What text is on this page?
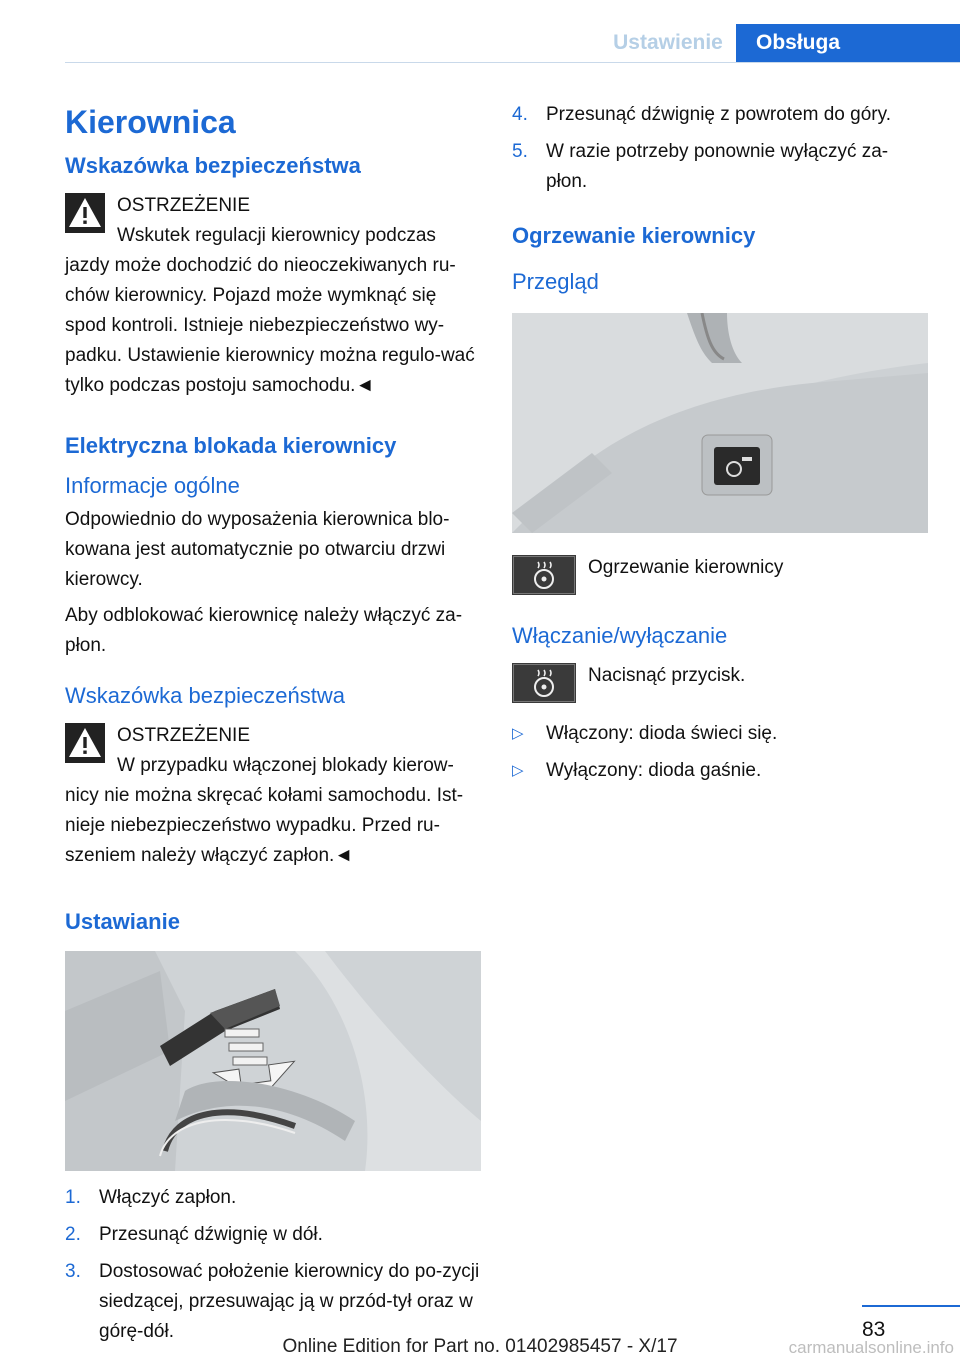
Ustawienie	Obsługa
Kierownica
Wskazówka bezpieczeństwa
OSTRZEŻENIE
Wskutek regulacji kierownicy podczas jazdy może dochodzić do nieoczekiwanych ru-chów kierownicy. Pojazd może wymknąć się spod kontroli. Istnieje niebezpieczeństwo wy-padku. Ustawienie kierownicy można regulo-wać tylko podczas postoju samochodu.◄
Elektryczna blokada kierownicy
Informacje ogólne

Odpowiednio do wyposażenia kierownica blo-kowana jest automatycznie po otwarciu drzwi kierowcy.

Aby odblokować kierownicę należy włączyć za-płon.

Wskazówka bezpieczeństwa
OSTRZEŻENIE
W przypadku włączonej blokady kierow-nicy nie można skręcać kołami samochodu. Ist-nieje niebezpieczeństwo wypadku. Przed ru-szeniem należy włączyć zapłon.◄
Ustawianie
1. Włączyć zapłon.
2. Przesunąć dźwignię w dół.
3. Dostosować położenie kierownicy do po-zycji siedzącej, przesuwając ją w przód-tył oraz w górę-dół.
4. Przesunąć dźwignię z powrotem do góry.
5. W razie potrzeby ponownie wyłączyć za-płon.
Ogrzewanie kierownicy
Przegląd
Ogrzewanie kierownicy
Włączanie/wyłączanie
Nacisnąć przycisk.
▷ Włączony: dioda świeci się.
▷ Wyłączony: dioda gaśnie.
83
Online Edition for Part no. 01402985457 - X/17	carmanualsonline.info
